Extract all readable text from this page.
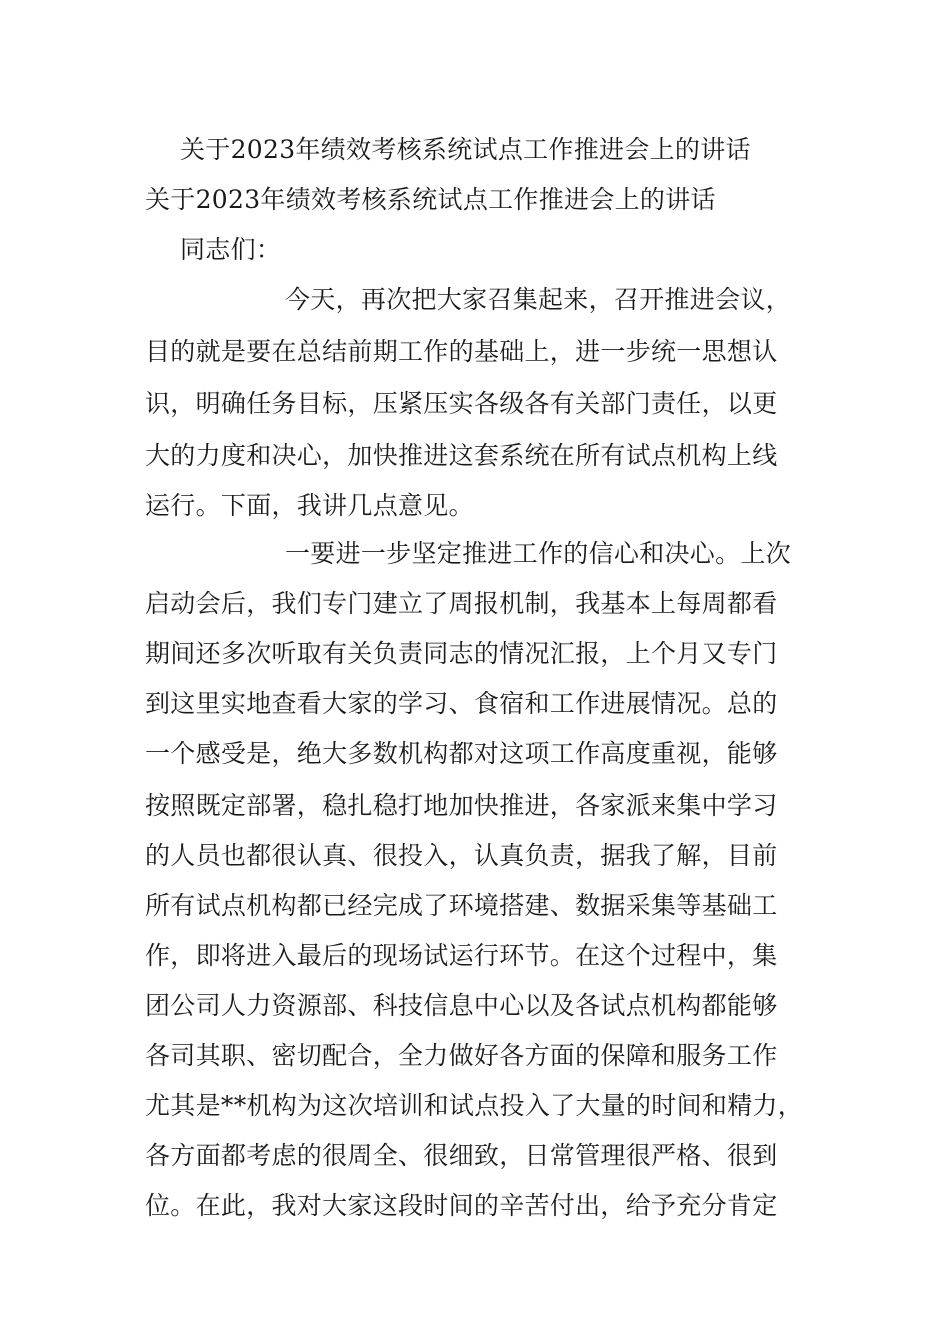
关于2023年绩效考核系统试点工作推进会上的讲话
关于2023年绩效考核系统试点工作推进会上的讲话
同志们：
今天，再次把大家召集起来，召开推进会议，
目的就是要在总结前期工作的基础上，进一步统一思想认
识，明确任务目标，压紧压实各级各有关部门责任，以更
大的力度和决心，加快推进这套系统在所有试点机构上线
运行。下面，我讲几点意见。
一要进一步坚定推进工作的信心和决心。上次
启动会后，我们专门建立了周报机制，我基本上每周都看
期间还多次听取有关负责同志的情况汇报，上个月又专门
到这里实地查看大家的学习、食宿和工作进展情况。总的
一个感受是，绝大多数机构都对这项工作高度重视，能够
按照既定部署，稳扎稳打地加快推进，各家派来集中学习
的人员也都很认真、很投入，认真负责，据我了解，目前
所有试点机构都已经完成了环境搭建、数据采集等基础工
作，即将进入最后的现场试运行环节。在这个过程中，集
团公司人力资源部、科技信息中心以及各试点机构都能够
各司其职、密切配合，全力做好各方面的保障和服务工作
尤其是**机构为这次培训和试点投入了大量的时间和精力，
各方面都考虑的很周全、很细致，日常管理很严格、很到
位。在此，我对大家这段时间的辛苦付出，给予充分肯定
